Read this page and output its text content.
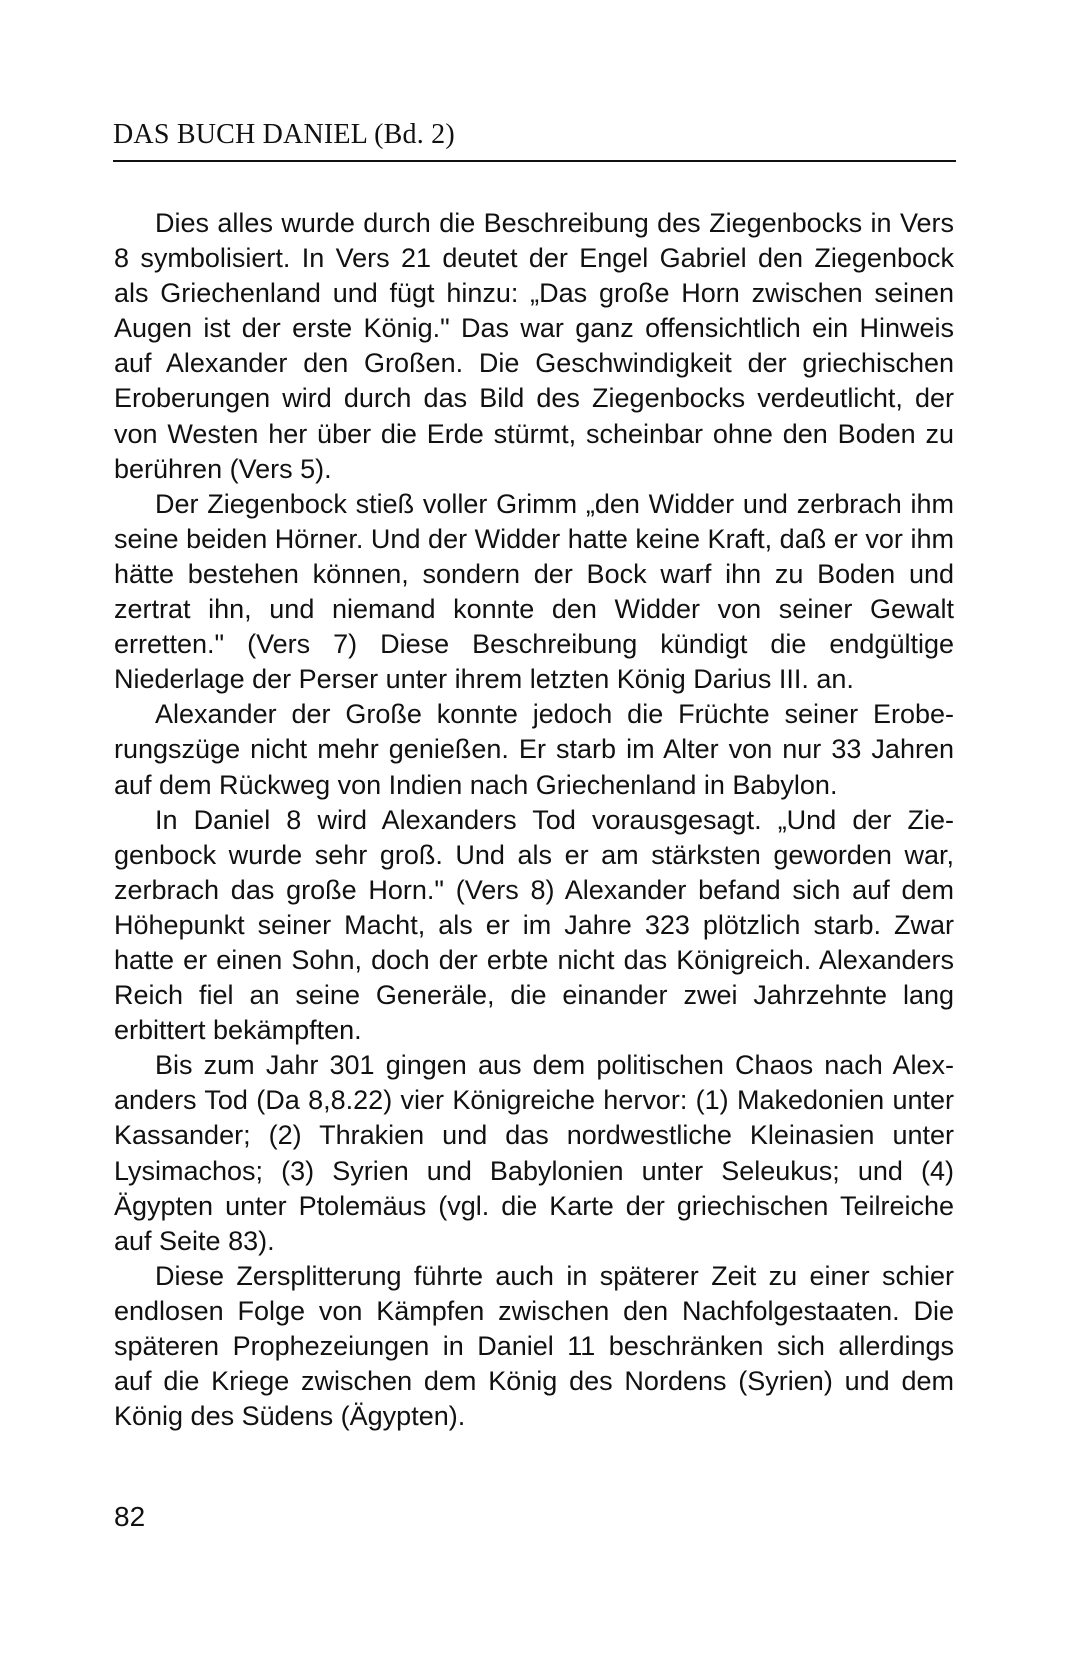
DAS BUCH DANIEL (Bd. 2)

Dies alles wurde durch die Beschreibung des Ziegenbocks in Vers 8 symbolisiert. In Vers 21 deutet der Engel Gabriel den Ziegenbock als Griechenland und fügt hinzu: „Das große Horn zwischen seinen Augen ist der erste König." Das war ganz offensichtlich ein Hinweis auf Alexander den Großen. Die Geschwindigkeit der griechischen Eroberungen wird durch das Bild des Ziegenbocks verdeutlicht, der von Westen her über die Erde stürmt, scheinbar ohne den Boden zu berühren (Vers 5).

Der Ziegenbock stieß voller Grimm „den Widder und zerbrach ihm seine beiden Hörner. Und der Widder hatte keine Kraft, daß er vor ihm hätte bestehen können, sondern der Bock warf ihn zu Boden und zertrat ihn, und niemand konnte den Widder von seiner Gewalt erretten." (Vers 7) Diese Beschreibung kündigt die endgültige Niederlage der Perser unter ihrem letzten König Darius III. an.

Alexander der Große konnte jedoch die Früchte seiner Eroberungszüge nicht mehr genießen. Er starb im Alter von nur 33 Jahren auf dem Rückweg von Indien nach Griechenland in Babylon.

In Daniel 8 wird Alexanders Tod vorausgesagt. „Und der Ziegenbock wurde sehr groß. Und als er am stärksten geworden war, zerbrach das große Horn." (Vers 8) Alexander befand sich auf dem Höhepunkt seiner Macht, als er im Jahre 323 plötzlich starb. Zwar hatte er einen Sohn, doch der erbte nicht das Königreich. Alexanders Reich fiel an seine Generäle, die einander zwei Jahrzehnte lang erbittert bekämpften.

Bis zum Jahr 301 gingen aus dem politischen Chaos nach Alexanders Tod (Da 8,8.22) vier Königreiche hervor: (1) Makedonien unter Kassander; (2) Thrakien und das nordwestliche Kleinasien unter Lysimachos; (3) Syrien und Babylonien unter Seleukus; und (4) Ägypten unter Ptolemäus (vgl. die Karte der griechischen Teilreiche auf Seite 83).

Diese Zersplitterung führte auch in späterer Zeit zu einer schier endlosen Folge von Kämpfen zwischen den Nachfolgestaaten. Die späteren Prophezeiungen in Daniel 11 beschränken sich allerdings auf die Kriege zwischen dem König des Nordens (Syrien) und dem König des Südens (Ägypten).

82
